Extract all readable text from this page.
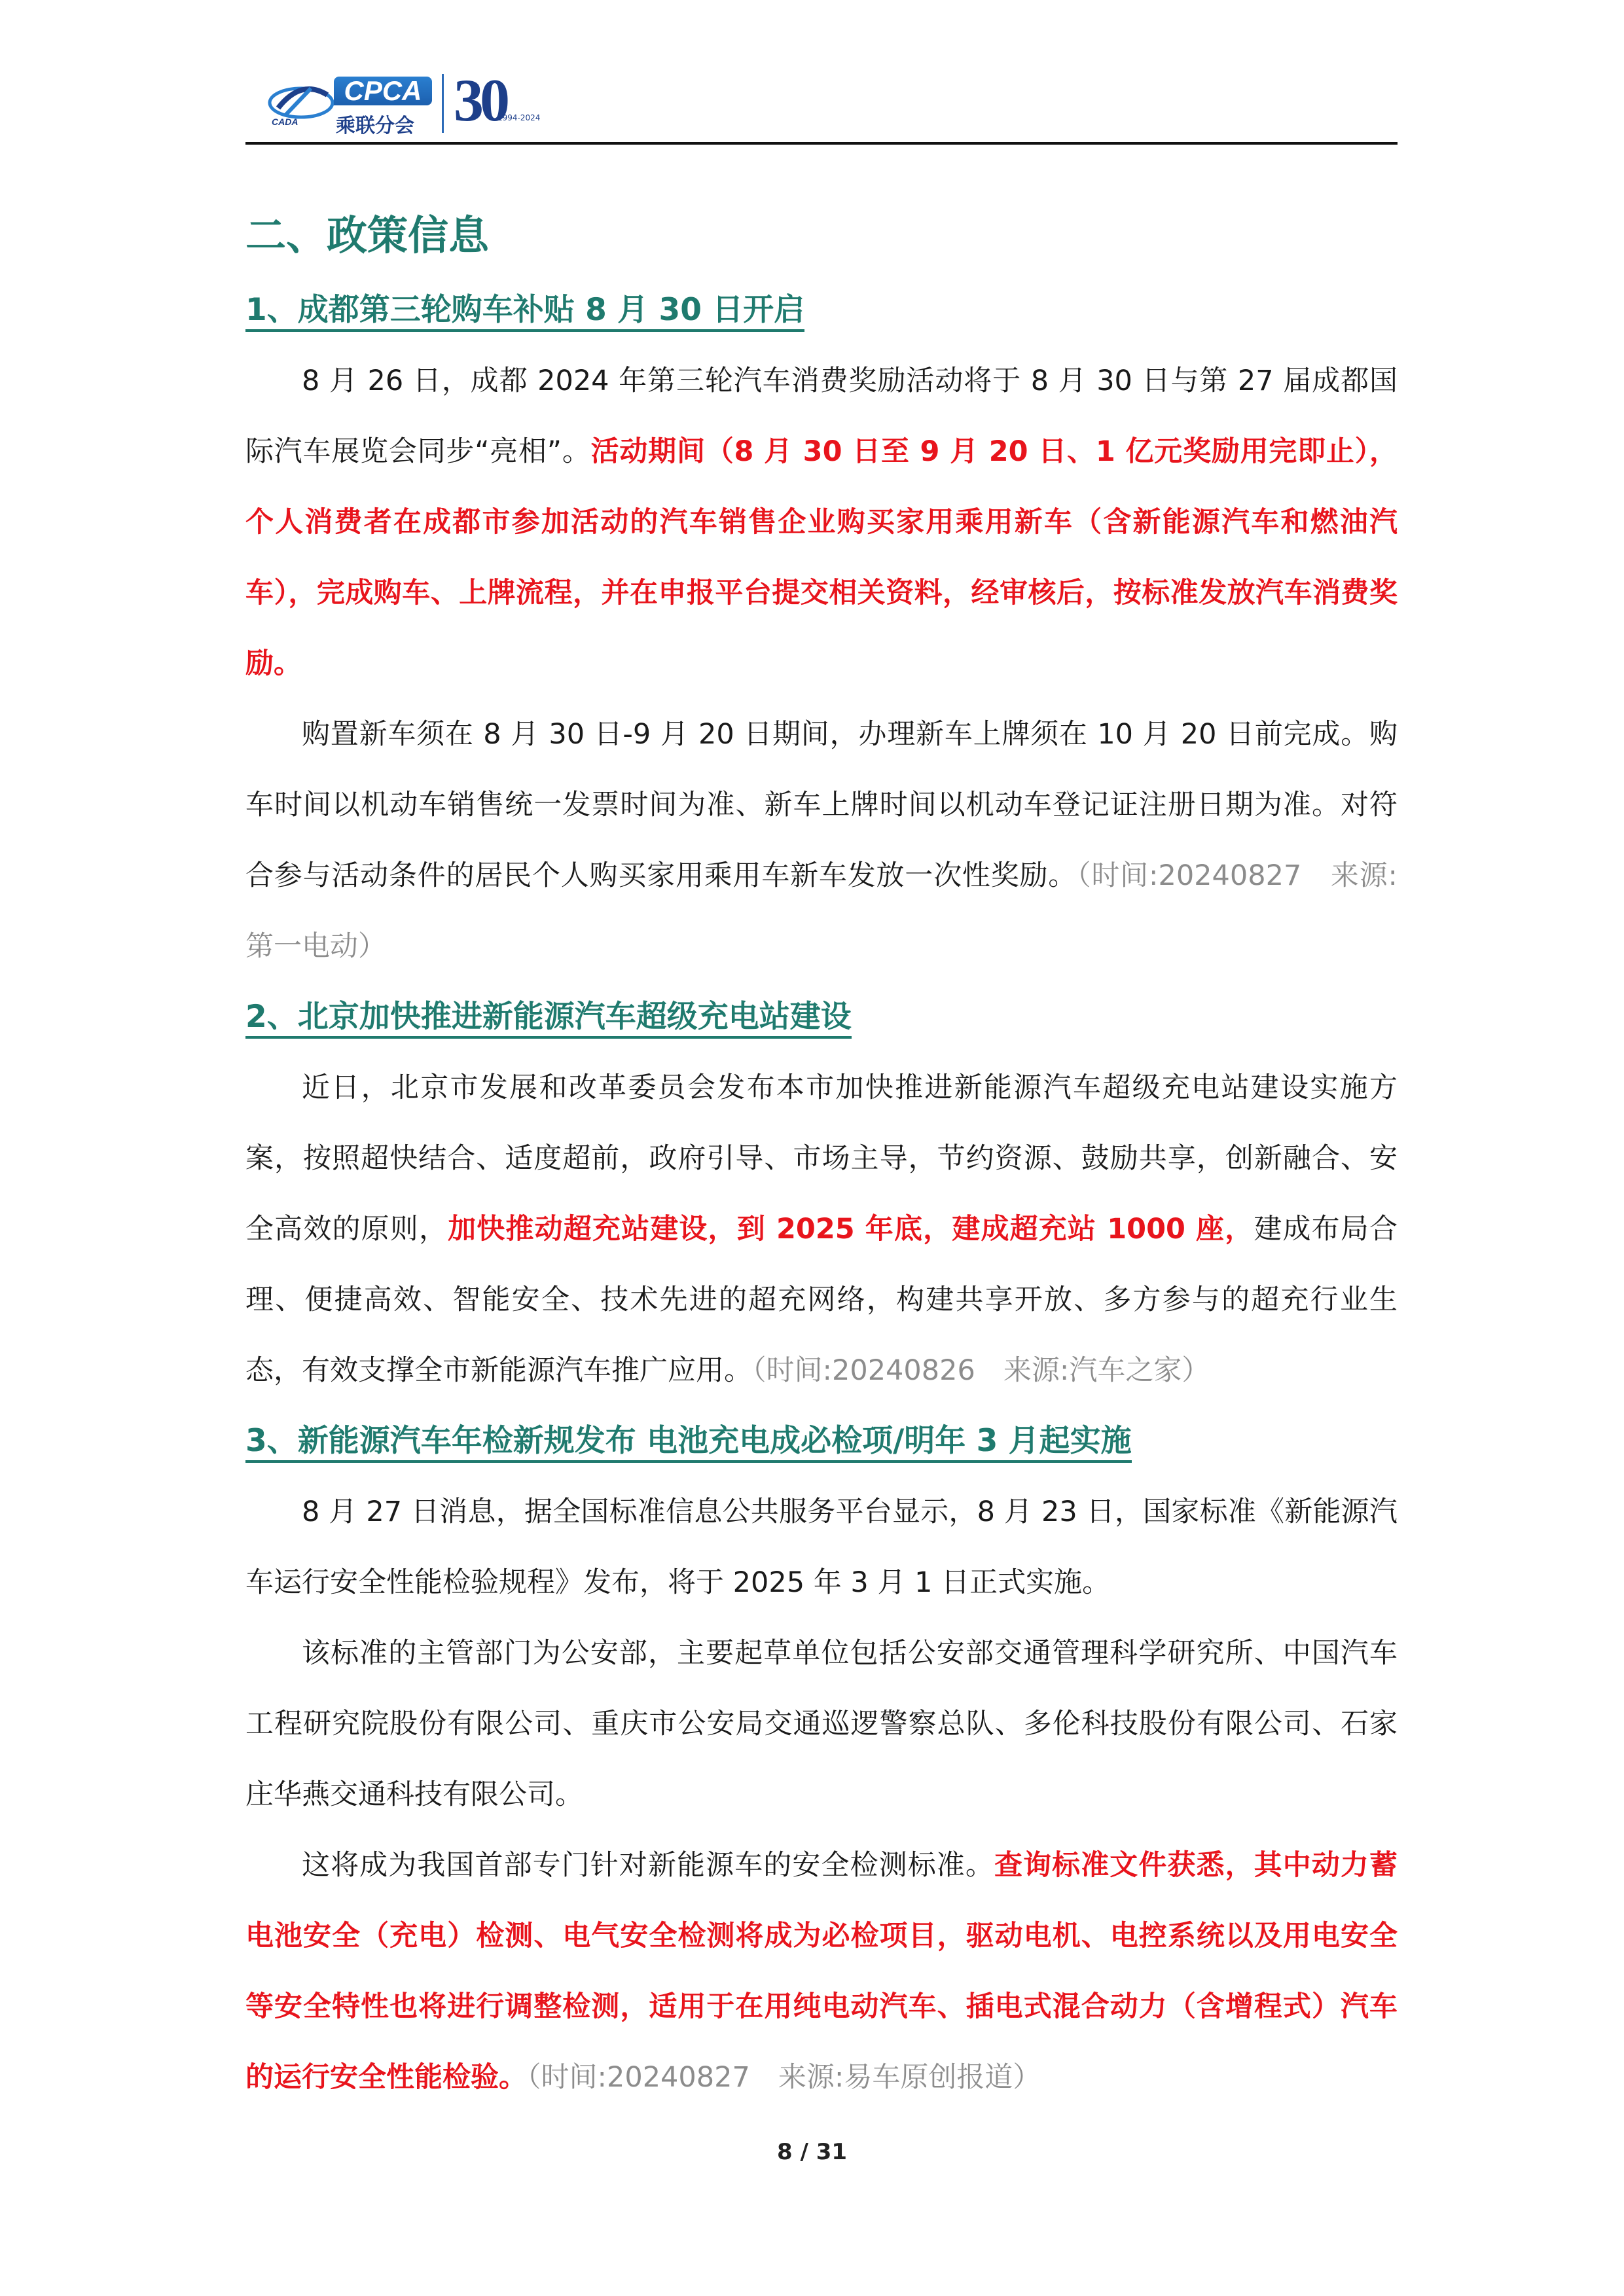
CADA
CPCA
乘联分会 30
1994-2024
二、政策信息
1、成都第三轮购车补贴 8 月 30 日开启

8 月 26 日，成都 2024 年第三轮汽车消费奖励活动将于 8 月 30 日与第 27 届成都国际汽车展览会同步“亮相”。活动期间（8 月 30 日至 9 月 20 日、1 亿元奖励用完即止），个人消费者在成都市参加活动的汽车销售企业购买家用乘用新车（含新能源汽车和燃油汽车），完成购车、上牌流程，并在申报平台提交相关资料，经审核后，按标准发放汽车消费奖励。

购置新车须在 8 月 30 日-9 月 20 日期间，办理新车上牌须在 10 月 20 日前完成。购车时间以机动车销售统一发票时间为准、新车上牌时间以机动车登记证注册日期为准。对符合参与活动条件的居民个人购买家用乘用车新车发放一次性奖励。（时间:20240827　来源:第一电动）

2、北京加快推进新能源汽车超级充电站建设

近日，北京市发展和改革委员会发布本市加快推进新能源汽车超级充电站建设实施方案，按照超快结合、适度超前，政府引导、市场主导，节约资源、鼓励共享，创新融合、安全高效的原则，加快推动超充站建设，到 2025 年底，建成超充站 1000 座，建成布局合理、便捷高效、智能安全、技术先进的超充网络，构建共享开放、多方参与的超充行业生态，有效支撑全市新能源汽车推广应用。（时间:20240826　来源:汽车之家）

3、新能源汽车年检新规发布 电池充电成必检项/明年 3 月起实施

8 月 27 日消息，据全国标准信息公共服务平台显示，8 月 23 日，国家标准《新能源汽车运行安全性能检验规程》发布，将于 2025 年 3 月 1 日正式实施。

该标准的主管部门为公安部，主要起草单位包括公安部交通管理科学研究所、中国汽车工程研究院股份有限公司、重庆市公安局交通巡逻警察总队、多伦科技股份有限公司、石家庄华燕交通科技有限公司。

这将成为我国首部专门针对新能源车的安全检测标准。查询标准文件获悉，其中动力蓄电池安全（充电）检测、电气安全检测将成为必检项目，驱动电机、电控系统以及用电安全等安全特性也将进行调整检测，适用于在用纯电动汽车、插电式混合动力（含增程式）汽车的运行安全性能检验。（时间:20240827　来源:易车原创报道）

8 / 31
